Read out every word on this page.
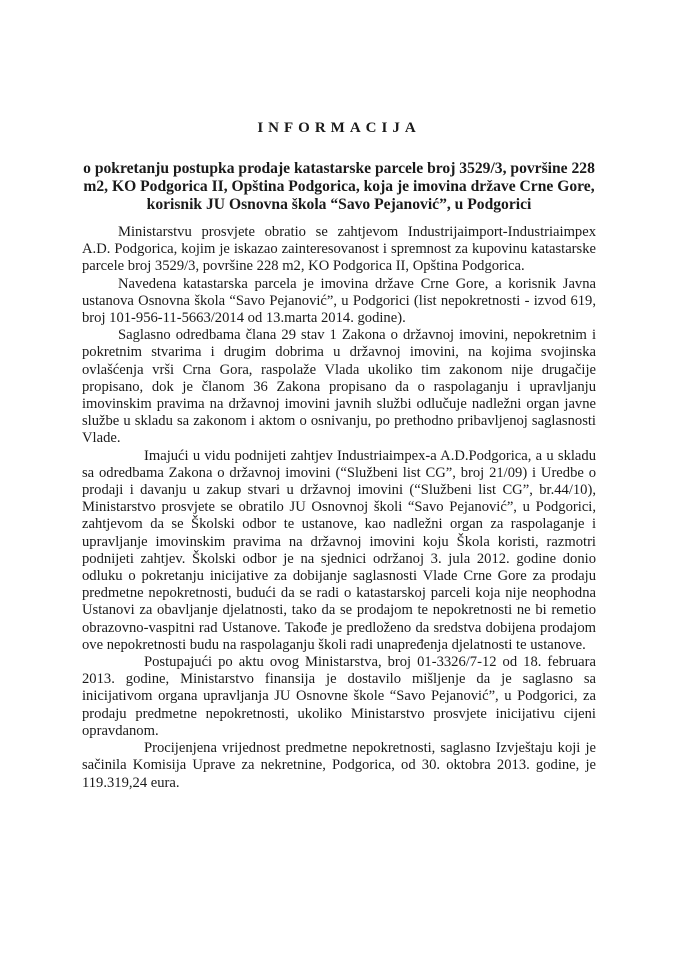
INFORMACIJA
o pokretanju postupka prodaje katastarske parcele broj 3529/3, površine 228 m2, KO Podgorica II, Opština Podgorica, koja je imovina države Crne Gore, korisnik JU Osnovna škola “Savo Pejanović”, u Podgorici

Ministarstvu prosvjete obratio se zahtjevom Industrijaimport-Industriaimpex A.D. Podgorica, kojim je iskazao zainteresovanost i spremnost za kupovinu katastarske parcele broj 3529/3, površine 228 m2, KO Podgorica II, Opština Podgorica.

Navedena katastarska parcela je imovina države Crne Gore, a korisnik Javna ustanova Osnovna škola “Savo Pejanović”, u Podgorici (list nepokretnosti - izvod 619, broj 101-956-11-5663/2014 od 13.marta 2014. godine).

Saglasno odredbama člana 29 stav 1 Zakona o državnoj imovini, nepokretnim i pokretnim stvarima i drugim dobrima u državnoj imovini, na kojima svojinska ovlašćenja vrši Crna Gora, raspolaže Vlada ukoliko tim zakonom nije drugačije propisano, dok je članom 36 Zakona propisano da o raspolaganju i upravljanju imovinskim pravima na državnoj imovini javnih službi odlučuje nadležni organ javne službe u skladu sa zakonom i aktom o osnivanju, po prethodno pribavljenoj saglasnosti Vlade.

Imajući u vidu podnijeti zahtjev Industriaimpex-a A.D.Podgorica, a u skladu sa odredbama Zakona o državnoj imovini (“Službeni list CG”, broj 21/09) i Uredbe o prodaji i davanju u zakup stvari u državnoj imovini (“Službeni list CG”, br.44/10), Ministarstvo prosvjete se obratilo JU Osnovnoj školi “Savo Pejanović”, u Podgorici, zahtjevom da se Školski odbor te ustanove, kao nadležni organ za raspolaganje i upravljanje imovinskim pravima na državnoj imovini koju Škola koristi, razmotri podnijeti zahtjev. Školski odbor je na sjednici održanoj 3. jula 2012. godine donio odluku o pokretanju inicijative za dobijanje saglasnosti Vlade Crne Gore za prodaju predmetne nepokretnosti, budući da se radi o katastarskoj parceli koja nije neophodna Ustanovi za obavljanje djelatnosti, tako da se prodajom te nepokretnosti ne bi remetio obrazovno-vaspitni rad Ustanove. Takođe je predloženo da sredstva dobijena prodajom ove nepokretnosti budu na raspolaganju školi radi unapređenja djelatnosti te ustanove.

Postupajući po aktu ovog Ministarstva, broj 01-3326/7-12 od 18. februara 2013. godine, Ministarstvo finansija je dostavilo mišljenje da je saglasno sa inicijativom organa upravljanja JU Osnovne škole “Savo Pejanović”, u Podgorici, za prodaju predmetne nepokretnosti, ukoliko Ministarstvo prosvjete inicijativu cijeni opravdanom.

Procijenjena vrijednost predmetne nepokretnosti, saglasno Izvještaju koji je sačinila Komisija Uprave za nekretnine, Podgorica, od 30. oktobra 2013. godine, je 119.319,24 eura.
